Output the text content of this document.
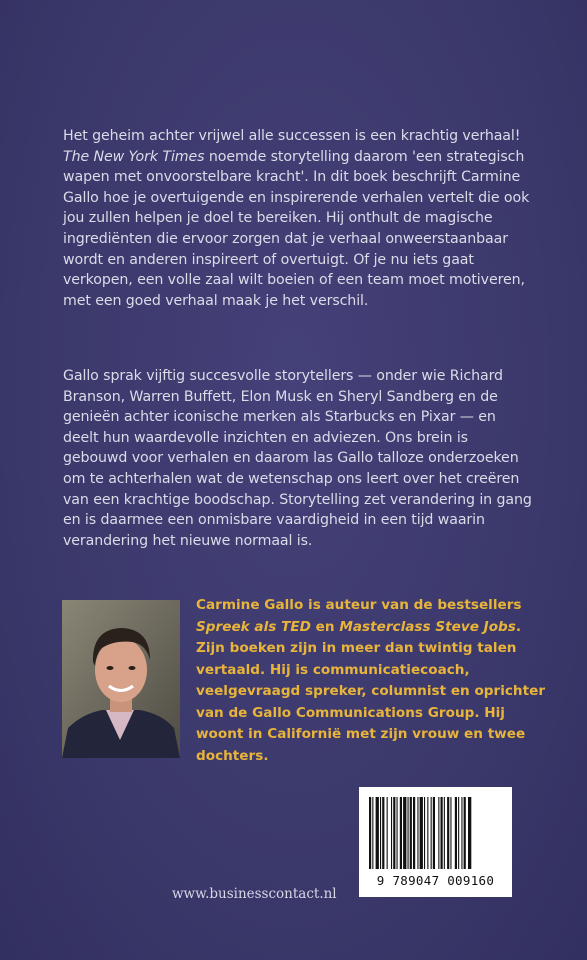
Het geheim achter vrijwel alle successen is een krachtig verhaal! The New York Times noemde storytelling daarom 'een strategisch wapen met onvoorstelbare kracht'. In dit boek beschrijft Carmine Gallo hoe je overtuigende en inspirerende verhalen vertelt die ook jou zullen helpen je doel te bereiken. Hij onthult de magische ingrediënten die ervoor zorgen dat je verhaal onweerstaanbaar wordt en anderen inspireert of overtuigt. Of je nu iets gaat verkopen, een volle zaal wilt boeien of een team moet motiveren, met een goed verhaal maak je het verschil.
Gallo sprak vijftig succesvolle storytellers — onder wie Richard Branson, Warren Buffett, Elon Musk en Sheryl Sandberg en de genieën achter iconische merken als Starbucks en Pixar — en deelt hun waardevolle inzichten en adviezen. Ons brein is gebouwd voor verhalen en daarom las Gallo talloze onderzoeken om te achterhalen wat de wetenschap ons leert over het creëren van een krachtige boodschap. Storytelling zet verandering in gang en is daarmee een onmisbare vaardigheid in een tijd waarin verandering het nieuwe normaal is.
Carmine Gallo is auteur van de bestsellers Spreek als TED en Masterclass Steve Jobs. Zijn boeken zijn in meer dan twintig talen vertaald. Hij is communicatiecoach, veelgevraagd spreker, columnist en oprichter van de Gallo Communications Group. Hij woont in Californië met zijn vrouw en twee dochters.
9 789047 009160
www.businesscontact.nl
